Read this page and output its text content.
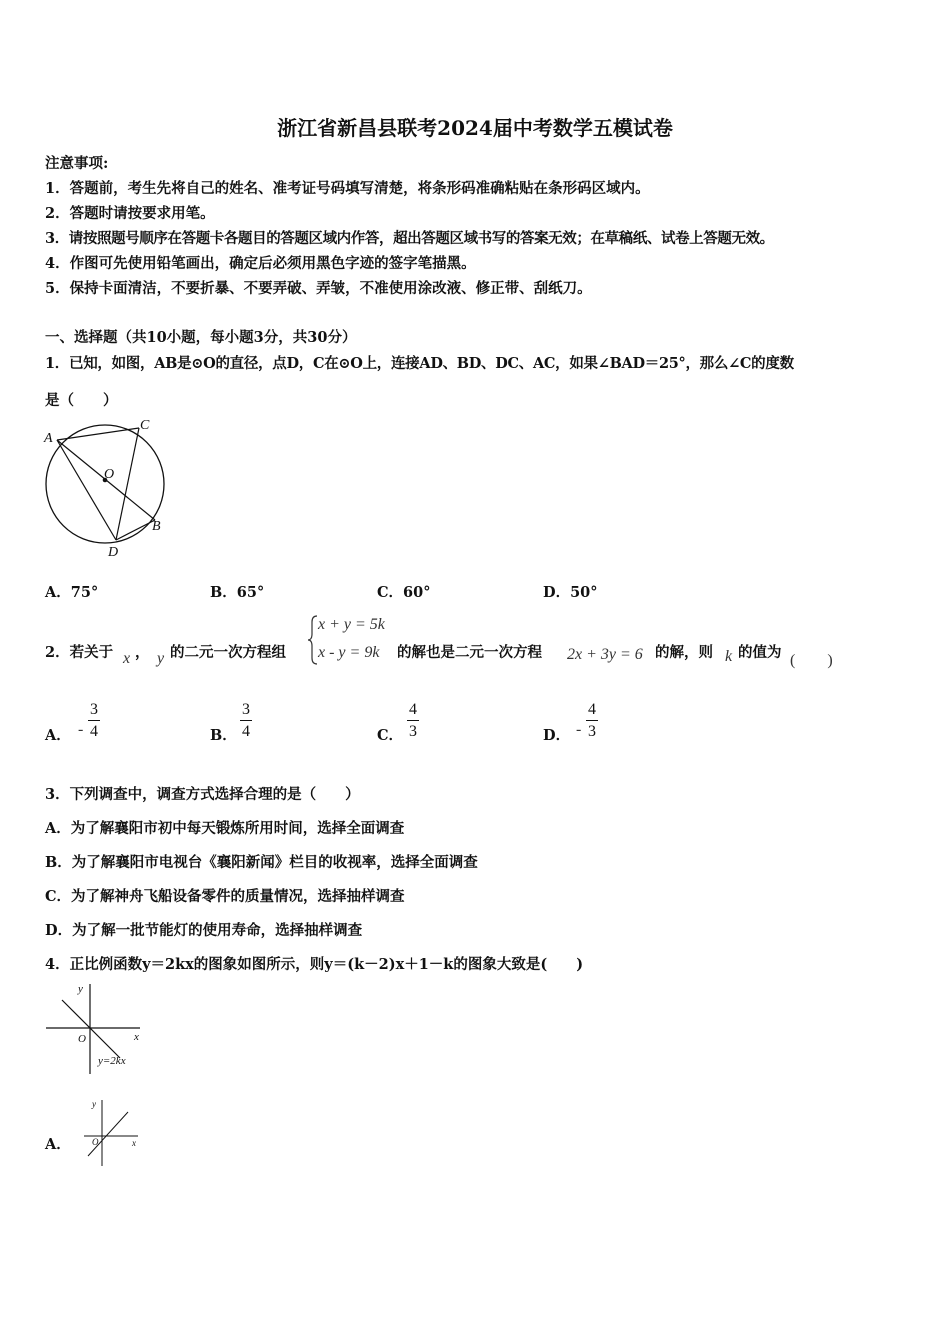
浙江省新昌县联考2024届中考数学五模试卷
注意事项:
1．答题前，考生先将自己的姓名、准考证号码填写清楚，将条形码准确粘贴在条形码区域内。
2．答题时请按要求用笔。
3．请按照题号顺序在答题卡各题目的答题区域内作答，超出答题区域书写的答案无效；在草稿纸、试卷上答题无效。
4．作图可先使用铅笔画出，确定后必须用黑色字迹的签字笔描黑。
5．保持卡面清洁，不要折暴、不要弄破、弄皱，不准使用涂改液、修正带、刮纸刀。
一、选择题（共10小题，每小题3分，共30分）
1．已知，如图，AB是⊙O的直径，点D，C在⊙O上，连接AD、BD、DC、AC，如果∠BAD＝25°，那么∠C的度数
是（　　）
A
C
O
B
D
A．75°	B．65°	C．60°	D．50°
2．若关于 x ， y 的二元一次方程组
x + y = 5k
x - y = 9k 的解也是二元一次方程 2x + 3y = 6 的解，则 k 的值为 (　　)
A． - $\frac{3}{4}$	B． $\frac{3}{4}$	C． $\frac{4}{3}$	D． - $\frac{4}{3}$
3．下列调查中，调查方式选择合理的是（　　）
A．为了解襄阳市初中每天锻炼所用时间，选择全面调查
B．为了解襄阳市电视台《襄阳新闻》栏目的收视率，选择全面调查
C．为了解神舟飞船设备零件的质量情况，选择抽样调查
D．为了解一批节能灯的使用寿命，选择抽样调查
4．正比例函数y＝2kx的图象如图所示，则y＝(k－2)x＋1－k的图象大致是(　　)
y
x
O
y=2kx
A．
y
x
O
